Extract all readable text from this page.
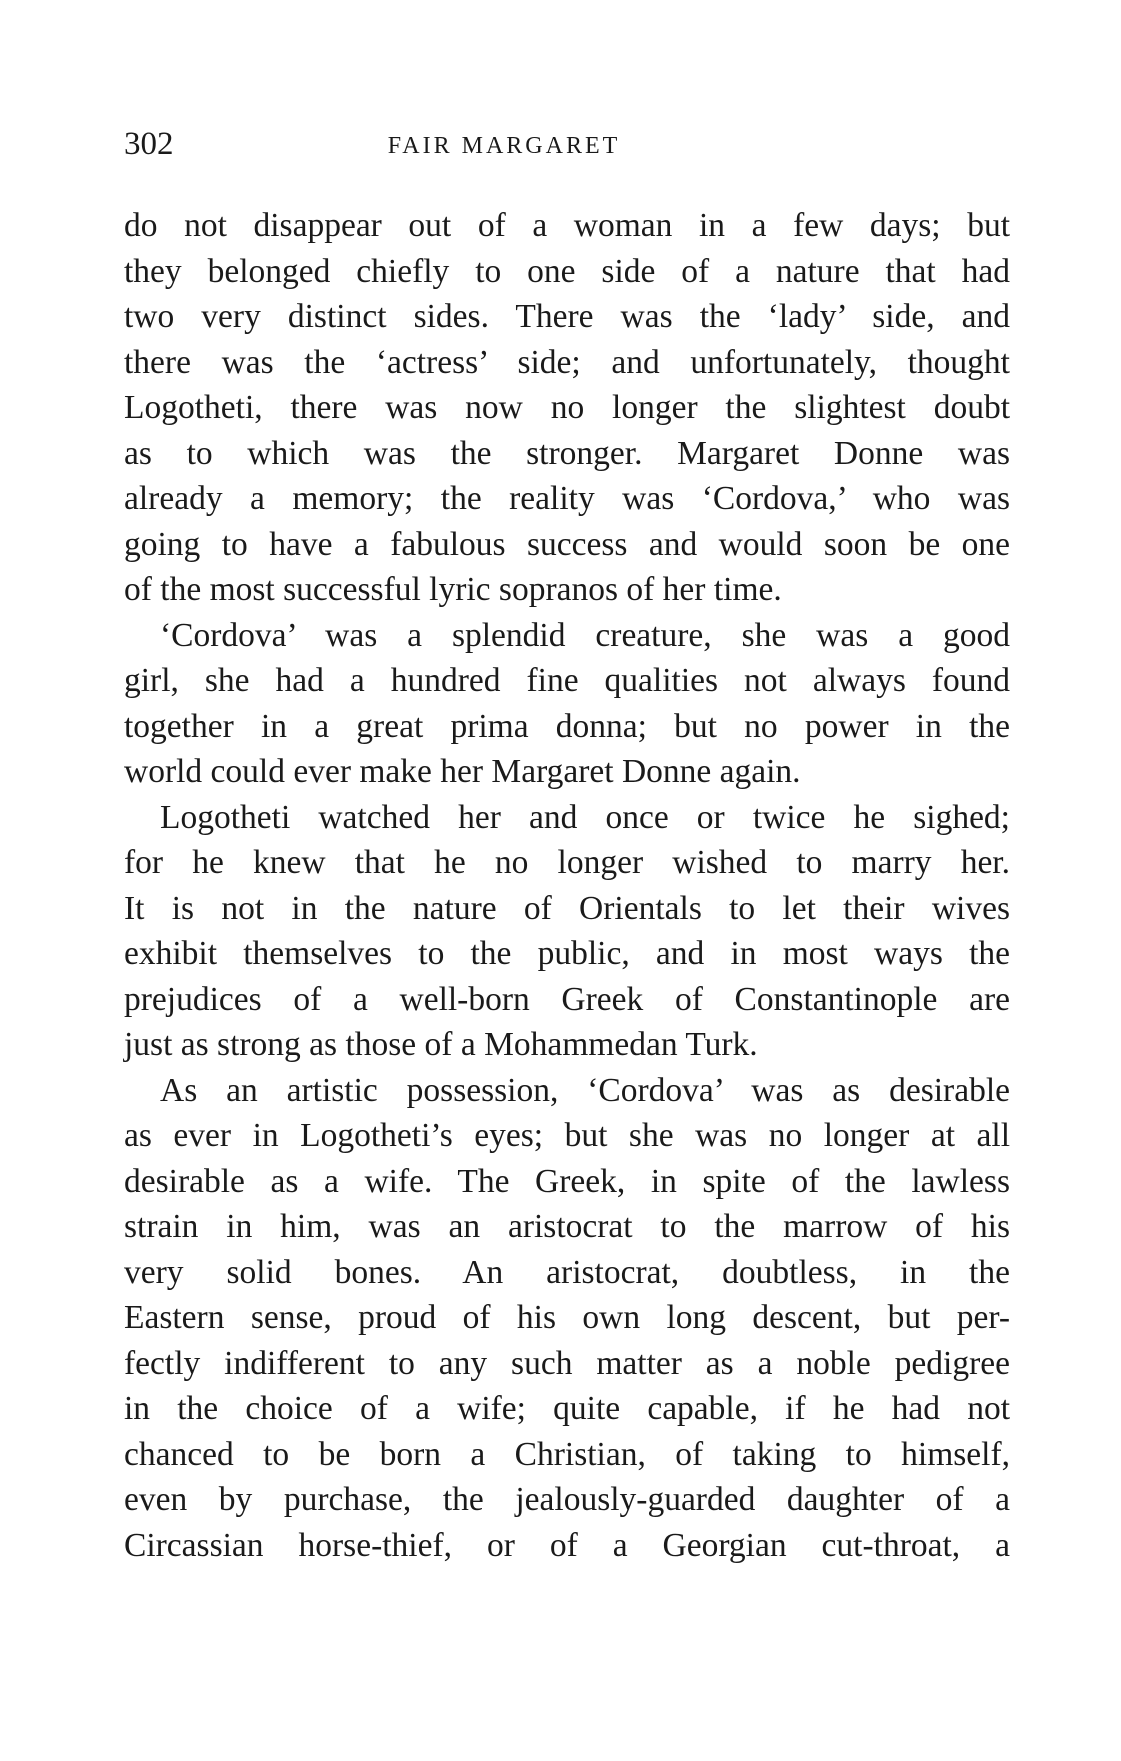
302	FAIR MARGARET

do not disappear out of a woman in a few days; but
they belonged chiefly to one side of a nature that had
two very distinct sides. There was the ‘lady’ side, and
there was the ‘actress’ side; and unfortunately, thought
Logotheti, there was now no longer the slightest doubt
as to which was the stronger. Margaret Donne was
already a memory; the reality was ‘Cordova,’ who was
going to have a fabulous success and would soon be one
of the most successful lyric sopranos of her time.

‘Cordova’ was a splendid creature, she was a good
girl, she had a hundred fine qualities not always found
together in a great prima donna; but no power in the
world could ever make her Margaret Donne again.

Logotheti watched her and once or twice he sighed;
for he knew that he no longer wished to marry her.
It is not in the nature of Orientals to let their wives
exhibit themselves to the public, and in most ways the
prejudices of a well-born Greek of Constantinople are
just as strong as those of a Mohammedan Turk.

As an artistic possession, ‘Cordova’ was as desirable
as ever in Logotheti’s eyes; but she was no longer at all
desirable as a wife. The Greek, in spite of the lawless
strain in him, was an aristocrat to the marrow of his
very solid bones. An aristocrat, doubtless, in the
Eastern sense, proud of his own long descent, but per-
fectly indifferent to any such matter as a noble pedigree
in the choice of a wife; quite capable, if he had not
chanced to be born a Christian, of taking to himself,
even by purchase, the jealously-guarded daughter of a
Circassian horse-thief, or of a Georgian cut-throat, a
